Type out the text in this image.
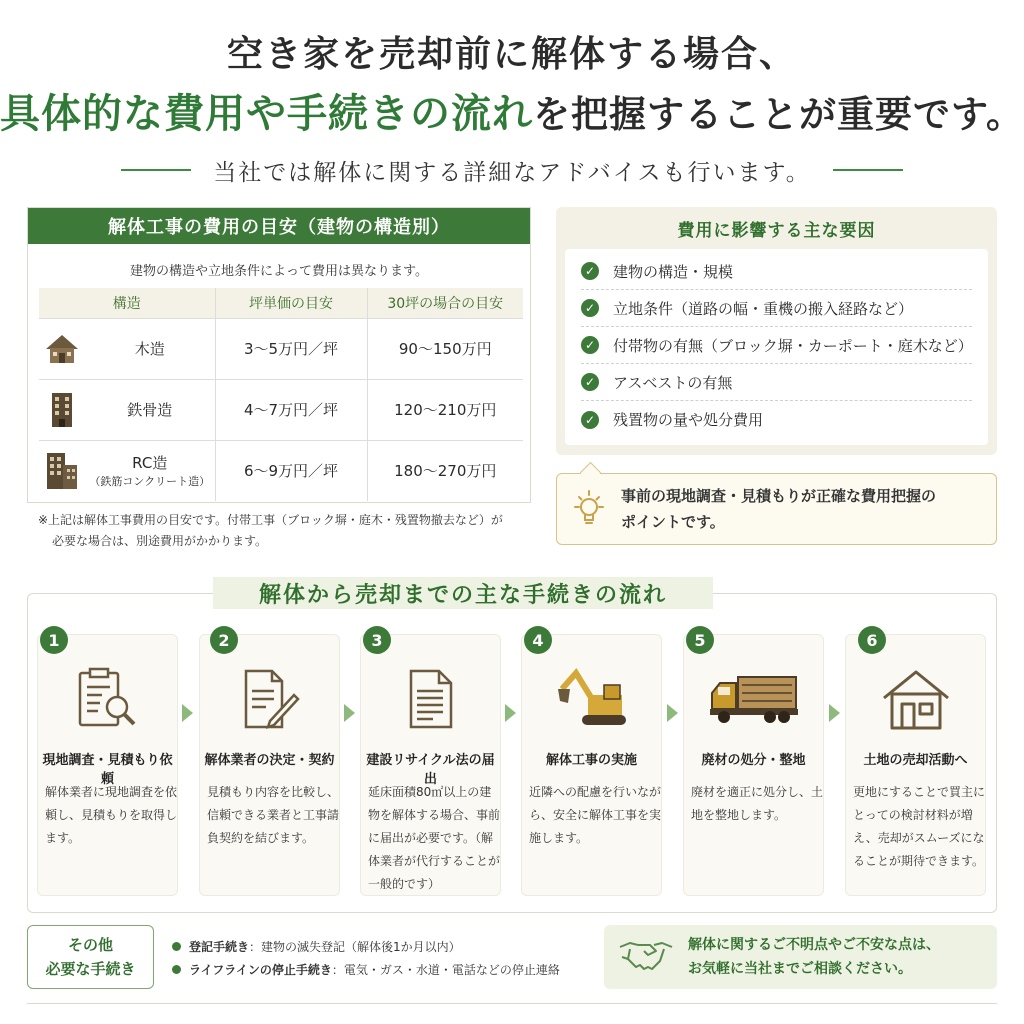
空き家を売却前に解体する場合、
具体的な費用や手続きの流れを把握することが重要です。
当社では解体に関する詳細なアドバイスも行います。
解体工事の費用の目安（建物の構造別）
建物の構造や立地条件によって費用は異なります。
構造	坪単価の目安	30坪の場合の目安

木造	3～5万円／坪	90～150万円

鉄骨造	4～7万円／坪	120～210万円

RC造
（鉄筋コンクリート造）	6～9万円／坪	180～270万円
※上記は解体工事費用の目安です。付帯工事（ブロック塀・庭木・残置物撤去など）が
必要な場合は、別途費用がかかります。
費用に影響する主な要因
✓ 建物の構造・規模
✓ 立地条件（道路の幅・重機の搬入経路など）
✓ 付帯物の有無（ブロック塀・カーポート・庭木など）
✓ アスベストの有無
✓ 残置物の量や処分費用
事前の現地調査・見積もりが正確な費用把握の
ポイントです。
解体から売却までの主な手続きの流れ
現地調査・見積もり依頼
解体業者に現地調査を依頼し、見積もりを取得します。
解体業者の決定・契約
見積もり内容を比較し、信頼できる業者と工事請負契約を結びます。
建設リサイクル法の届出
延床面積80㎡以上の建物を解体する場合、事前に届出が必要です。（解体業者が代行することが一般的です）
解体工事の実施
近隣への配慮を行いながら、安全に解体工事を実施します。
廃材の処分・整地
廃材を適正に処分し、土地を整地します。
土地の売却活動へ
更地にすることで買主にとっての検討材料が増え、売却がスムーズになることが期待できます。
1	2	3	4	5	6
その他
必要な手続き
登記手続き：建物の滅失登記（解体後1か月以内）
ライフラインの停止手続き：電気・ガス・水道・電話などの停止連絡
解体に関するご不明点やご不安な点は、
お気軽に当社までご相談ください。
